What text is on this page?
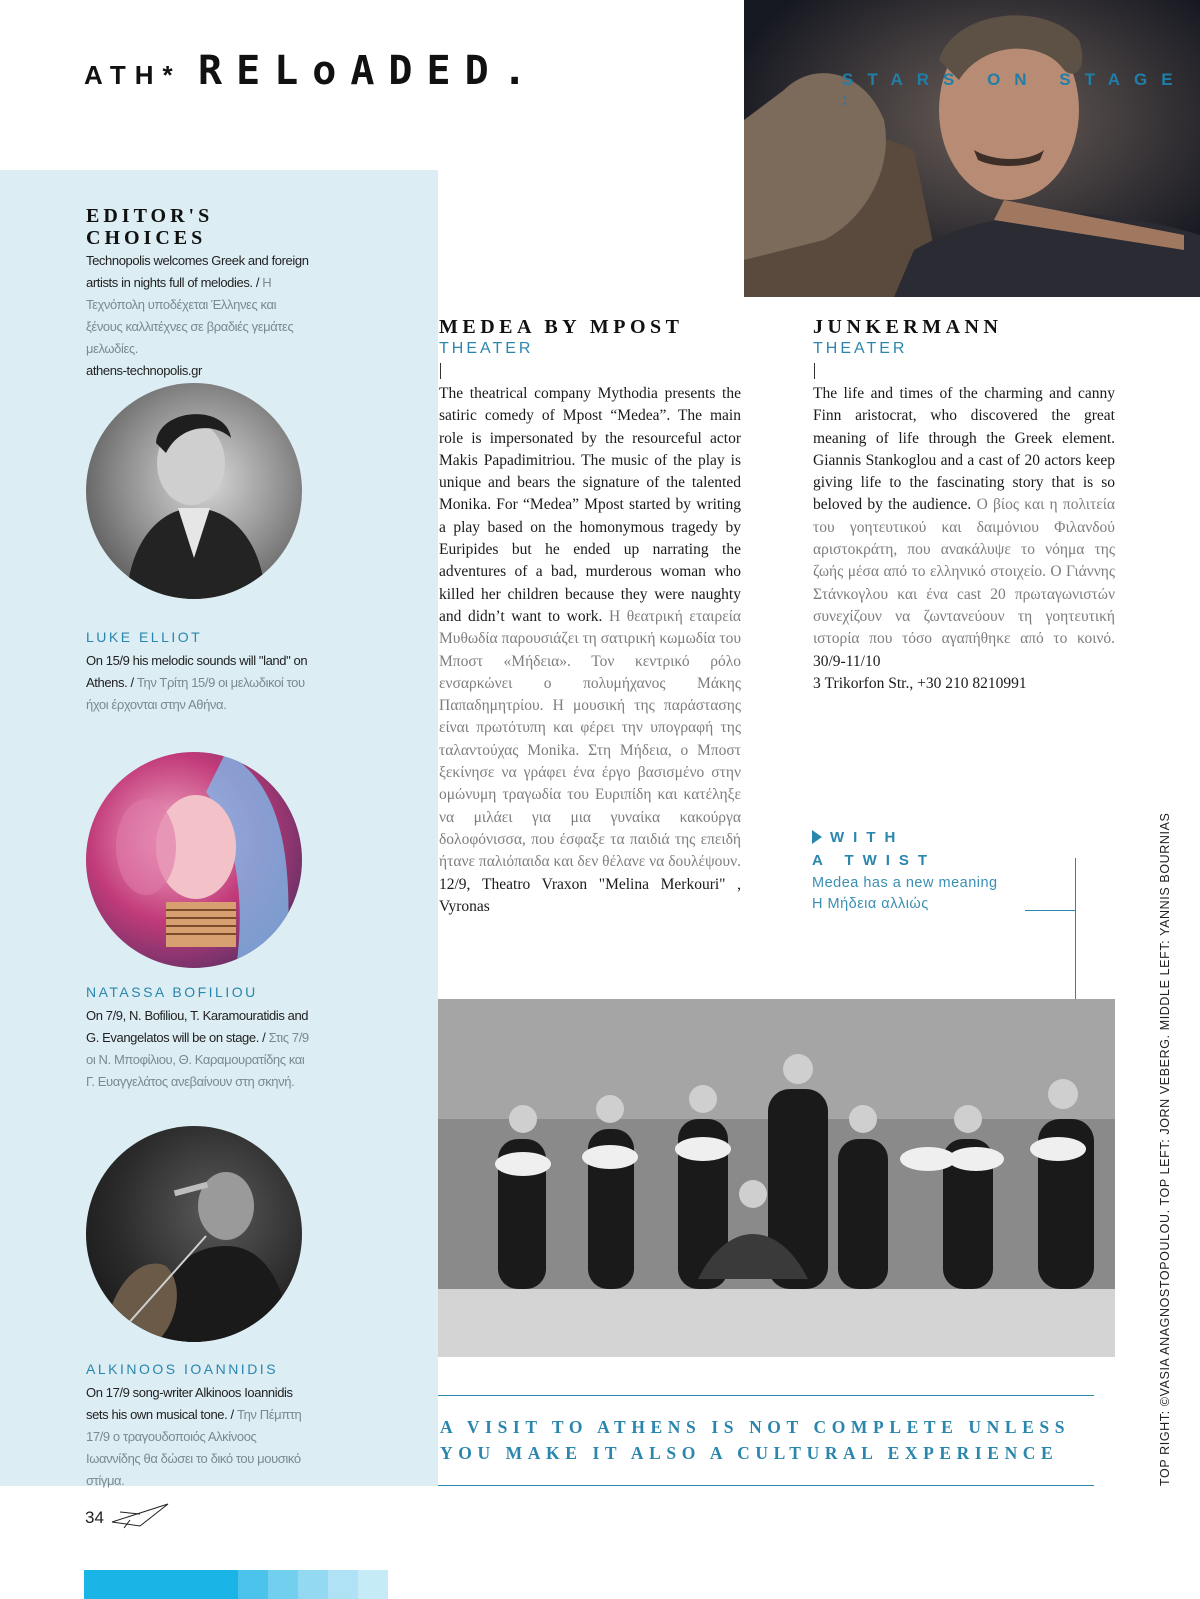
ATH* RELoADED.	STARS ON STAGE :
EDITOR'S CHOICES
Technopolis welcomes Greek and foreign artists in nights full of melodies. / Η Τεχνόπολη υποδέχεται Έλληνες και ξένους καλλιτέχνες σε βραδιές γεμάτες μελωδίες.
athens-technopolis.gr
LUKE ELLIOT
On 15/9 his melodic sounds will "land" on Athens. / Την Τρίτη 15/9 οι μελωδικοί του ήχοι έρχονται στην Αθήνα.
NATASSA BOFILIOU
On 7/9, N. Bofiliou, T. Karamouratidis and G. Evangelatos will be on stage. / Στις 7/9 οι Ν. Μποφίλιου, Θ. Καραμουρατίδης και Γ. Ευαγγελάτος ανεβαίνουν στη σκηνή.
ALKINOOS IOANNIDIS
On 17/9 song-writer Alkinoos Ioannidis sets his own musical tone. / Την Πέμπτη 17/9 ο τραγουδοποιός Αλκίνοος Ιωαννίδης θα δώσει το δικό του μουσικό στίγμα.
MEDEA BY MPOST
THEATER
The theatrical company Mythodia presents the satiric comedy of Mpost “Medea”. The main role is impersonated by the resourceful actor Makis Papadimitriou. The music of the play is unique and bears the signature of the talented Monika. For “Medea” Mpost started by writing a play based on the homonymous tragedy by Euripides but he ended up narrating the adventures of a bad, murderous woman who killed her children because they were naughty and didn’t want to work. Η θεατρική εταιρεία Μυθωδία παρουσιάζει τη σατιρική κωμωδία του Μποστ «Μήδεια». Τον κεντρικό ρόλο ενσαρκώνει ο πολυμήχανος Μάκης Παπαδημητρίου. Η μουσική της παράστασης είναι πρωτότυπη και φέρει την υπογραφή της ταλαντούχας Monika. Στη Μήδεια, ο Μποστ ξεκίνησε να γράφει ένα έργο βασισμένο στην ομώνυμη τραγωδία του Ευριπίδη και κατέληξε να μιλάει για μια γυναίκα κακούργα δολοφόνισσα, που έσφαξε τα παιδιά της επειδή ήτανε παλιόπαιδα και δεν θέλανε να δουλέψουν. 12/9, Theatro Vraxon "Melina Merkouri" , Vyronas
JUNKERMANN
THEATER
The life and times of the charming and canny Finn aristocrat, who discovered the great meaning of life through the Greek element. Giannis Stankoglou and a cast of 20 actors keep giving life to the fascinating story that is so beloved by the audience. Ο βίος και η πολιτεία του γοητευτικού και δαιμόνιου Φιλανδού αριστοκράτη, που ανακάλυψε το νόημα της ζωής μέσα από το ελληνικό στοιχείο. Ο Γιάννης Στάνκογλου και ένα cast 20 πρωταγωνιστών συνεχίζουν να ζωντανεύουν τη γοητευτική ιστορία που τόσο αγαπήθηκε από το κοινό. 30/9-11/10
3 Trikorfon Str., +30 210 8210991
WITH
A TWIST
Medea has a new meaning
Η Μήδεια αλλιώς
A VISIT TO ATHENS IS NOT COMPLETE UNLESS YOU MAKE IT ALSO A CULTURAL EXPERIENCE	TOP RIGHT: ©VASIA ANAGNOSTOPOULOU. TOP LEFT: JORN VEBERG. MIDDLE LEFT: YANNIS BOURNIAS
34
